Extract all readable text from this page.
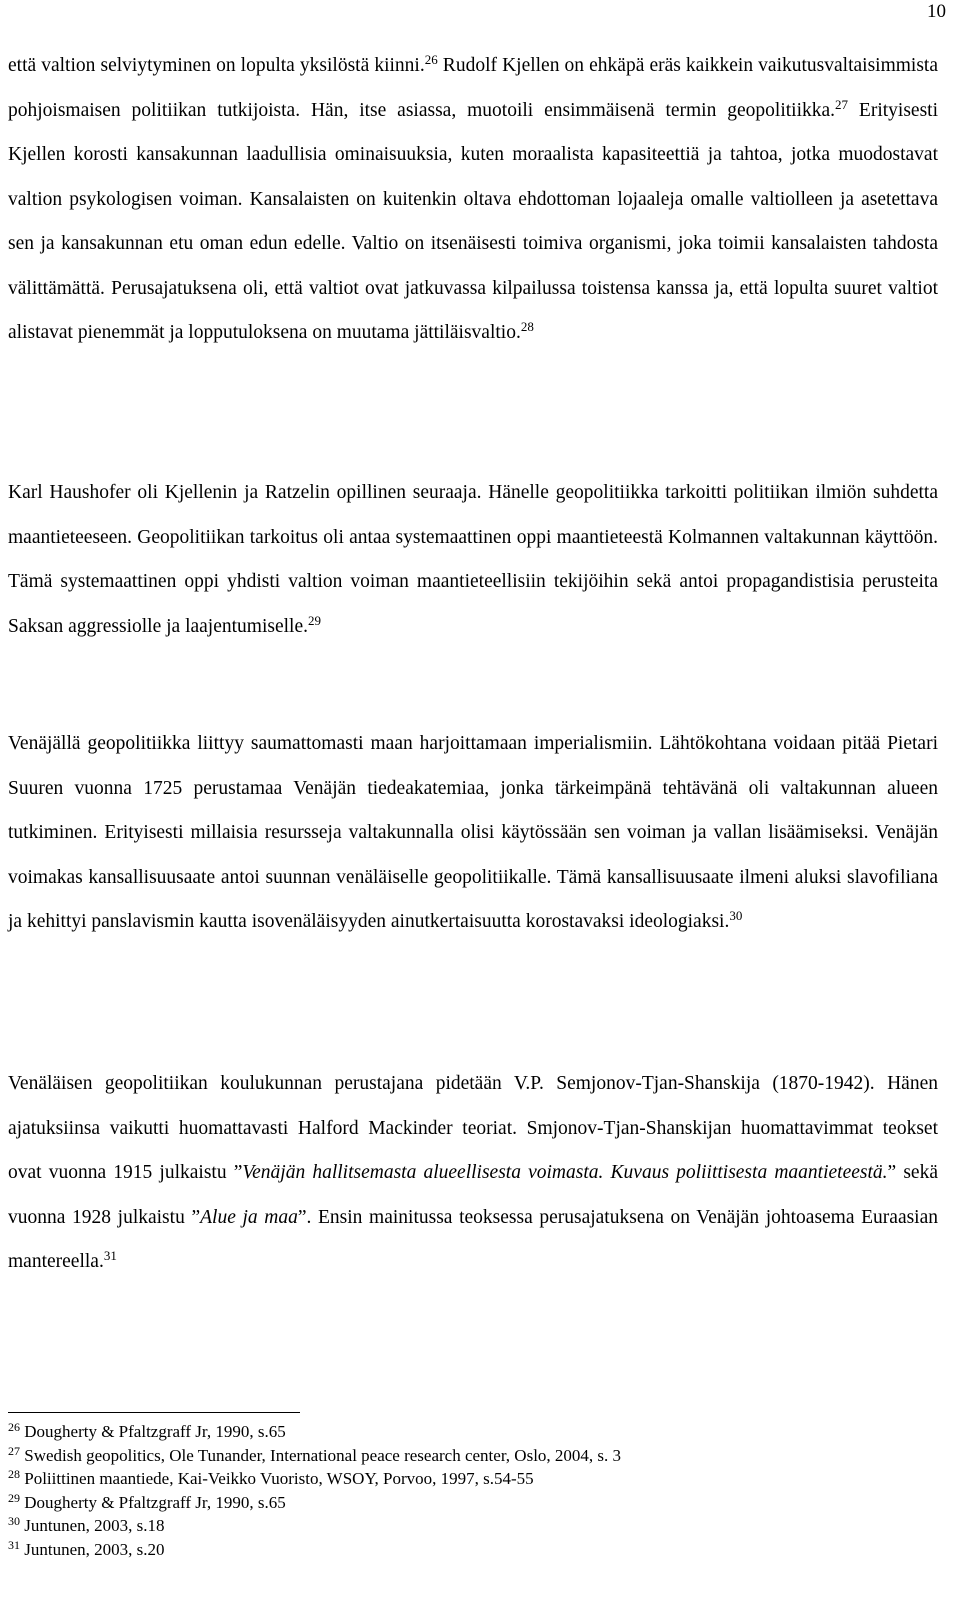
10

että valtion selviytyminen on lopulta yksilöstä kiinni.$^{26}$ Rudolf Kjellen on ehkäpä eräs kaikkein vaikutusvaltaisimmista pohjoismaisen politiikan tutkijoista. Hän, itse asiassa, muotoili ensimmäisenä termin geopolitiikka.$^{27}$ Erityisesti Kjellen korosti kansakunnan laadullisia ominaisuuksia, kuten moraalista kapasiteettiä ja tahtoa, jotka muodostavat valtion psykologisen voiman. Kansalaisten on kuitenkin oltava ehdottoman lojaaleja omalle valtiolleen ja asetettava sen ja kansakunnan etu oman edun edelle. Valtio on itsenäisesti toimiva organismi, joka toimii kansalaisten tahdosta välittämättä. Perusajatuksena oli, että valtiot ovat jatkuvassa kilpailussa toistensa kanssa ja, että lopulta suuret valtiot alistavat pienemmät ja lopputuloksena on muutama jättiläisvaltio.$^{28}$

Karl Haushofer oli Kjellenin ja Ratzelin opillinen seuraaja. Hänelle geopolitiikka tarkoitti politiikan ilmiön suhdetta maantieteeseen. Geopolitiikan tarkoitus oli antaa systemaattinen oppi maantieteestä Kolmannen valtakunnan käyttöön. Tämä systemaattinen oppi yhdisti valtion voiman maantieteellisiin tekijöihin sekä antoi propagandistisia perusteita Saksan aggressiolle ja laajentumiselle.$^{29}$

Venäjällä geopolitiikka liittyy saumattomasti maan harjoittamaan imperialismiin. Lähtökohtana voidaan pitää Pietari Suuren vuonna 1725 perustamaa Venäjän tiedeakatemiaa, jonka tärkeimpänä tehtävänä oli valtakunnan alueen tutkiminen. Erityisesti millaisia resursseja valtakunnalla olisi käytössään sen voiman ja vallan lisäämiseksi. Venäjän voimakas kansallisuusaate antoi suunnan venäläiselle geopolitiikalle. Tämä kansallisuusaate ilmeni aluksi slavofiliana ja kehittyi panslavismin kautta isovenäläisyyden ainutkertaisuutta korostavaksi ideologiaksi.$^{30}$

Venäläisen geopolitiikan koulukunnan perustajana pidetään V.P. Semjonov-Tjan-Shanskija (1870-1942). Hänen ajatuksiinsa vaikutti huomattavasti Halford Mackinder teoriat. Smjonov-Tjan-Shanskijan huomattavimmat teokset ovat vuonna 1915 julkaistu ”Venäjän hallitsemasta alueellisesta voimasta. Kuvaus poliittisesta maantieteestä.” sekä vuonna 1928 julkaistu ”Alue ja maa”. Ensin mainitussa teoksessa perusajatuksena on Venäjän johtoasema Euraasian mantereella.$^{31}$

$^{26}$ Dougherty & Pfaltzgraff Jr, 1990, s.65
$^{27}$ Swedish geopolitics, Ole Tunander, International peace research center, Oslo, 2004, s. 3
$^{28}$ Poliittinen maantiede, Kai-Veikko Vuoristo, WSOY, Porvoo, 1997, s.54-55
$^{29}$ Dougherty & Pfaltzgraff Jr, 1990, s.65
$^{30}$ Juntunen, 2003, s.18
$^{31}$ Juntunen, 2003, s.20
